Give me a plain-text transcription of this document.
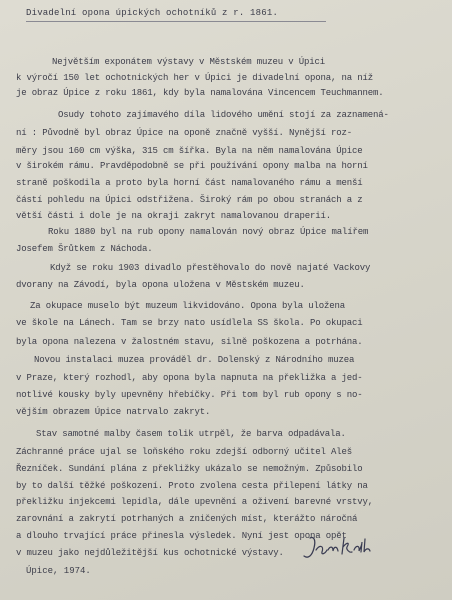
Divadelní opona úpických ochotníků z r. 1861.
Největším exponátem výstavy v Městském muzeu v Úpici
k výročí 150 let ochotnických her v Úpici je divadelní opona, na níž
je obraz Úpice z roku 1861, kdy byla namalována Vincencem Teuchmannem.
Osudy tohoto zajímavého díla lidového umění stojí za zaznamená-
ní : Původně byl obraz Úpice na oponě značně vyšší. Nynější roz-
měry jsou 160 cm výška, 315 cm šířka. Byla na něm namalována Úpice
v širokém rámu. Pravděpodobně se při používání opony malba na horní
straně poškodila a proto byla horní část namalovaného rámu a menší
částí pohledu na Úpici odstřižena. Široký rám po obou stranách a z
větší části i dole je na okraji zakryt namalovanou draperií.
Roku 1880 byl na rub opony namalován nový obraz Úpice malířem
Josefem Šrůtkem z Náchoda.
Když se roku 1903 divadlo přestěhovalo do nově najaté Vackovy
dvorany na Závodí, byla opona uložena v Městském muzeu.
Za okupace muselo být muzeum likvidováno. Opona byla uložena
ve škole na Lánech. Tam se brzy nato usídlela SS škola. Po okupaci
byla opona nalezena v žalostném stavu, silně poškozena a potrhána.
Novou instalaci muzea prováděl dr. Dolenský z Národního muzea
v Praze, který rozhodl, aby opona byla napnuta na překližka a jed-
notlivé kousky byly upevněny hřebíčky. Při tom byl rub opony s no-
vějším obrazem Úpice natrvalo zakryt.
Stav samotné malby časem tolik utrpěl, že barva odpadávala.
Záchranné práce ujal se loňského roku zdejší odborný učitel Aleš
Řezníček. Sundání plána z překližky ukázalo se nemožným. Způsobilo
by to další těžké poškození. Proto zvolena cesta přilepení látky na
překližku injekcemi lepidla, dále upevnění a oživení barevné vrstvy,
zarovnání a zakrytí potrhaných a zničených míst, kterážto náročná
a dlouho trvající práce přinesla výsledek. Nyní jest opona opět
v muzeu jako nejdůležitější kus ochotnické výstavy.
Úpice, 1974.
